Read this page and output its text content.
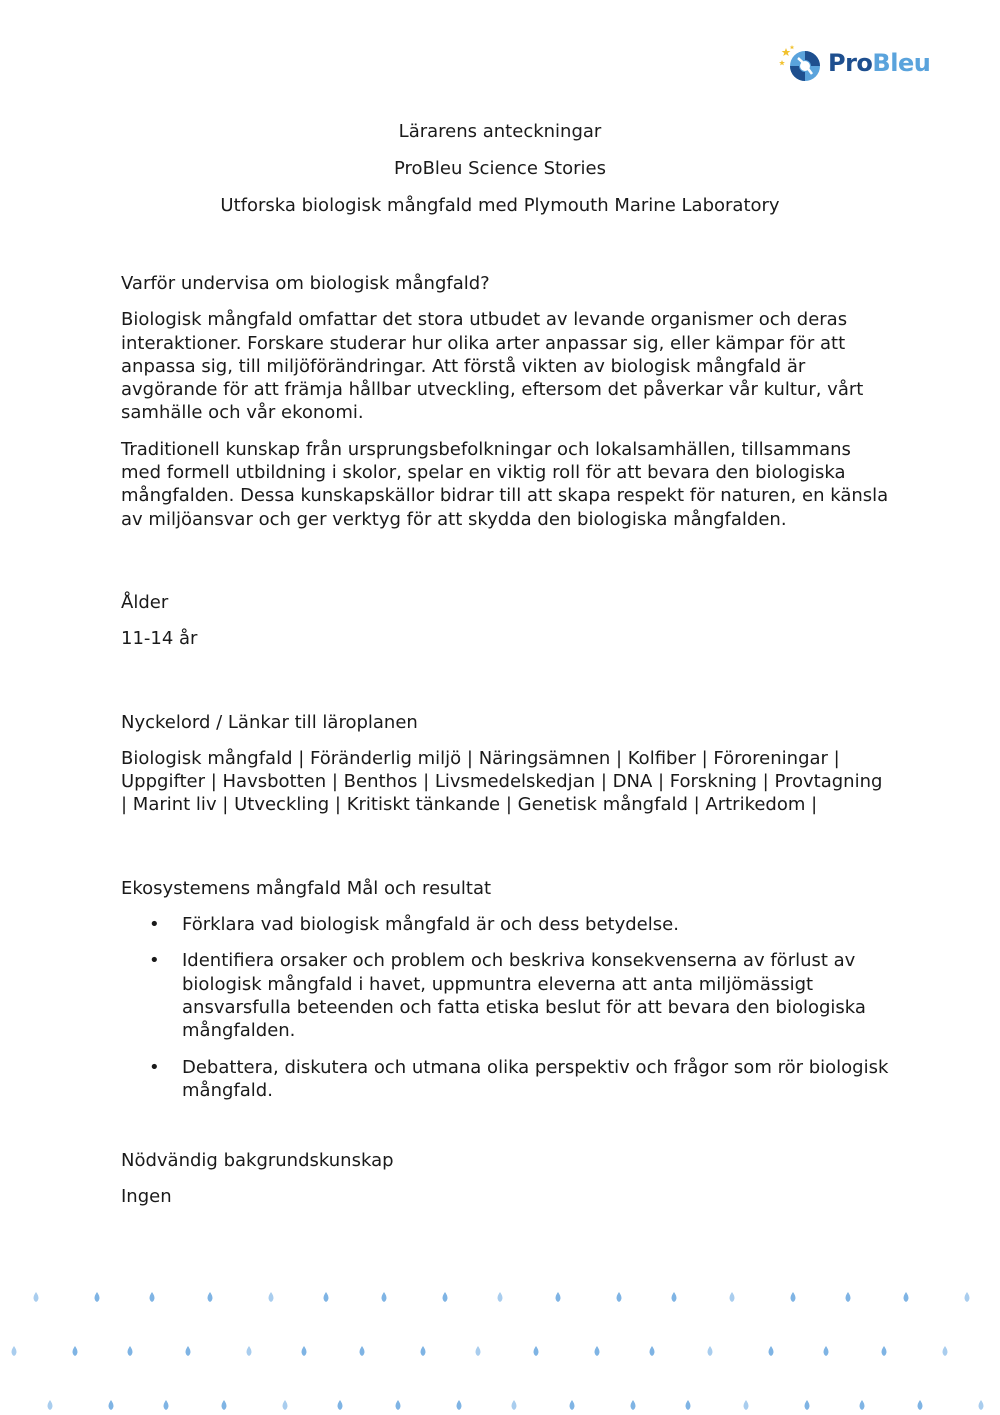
ProBleu
Lärarens anteckningar
ProBleu Science Stories
Utforska biologisk mångfald med Plymouth Marine Laboratory

Varför undervisa om biologisk mångfald?

Biologisk mångfald omfattar det stora utbudet av levande organismer och deras interaktioner. Forskare studerar hur olika arter anpassar sig, eller kämpar för att anpassa sig, till miljöförändringar. Att förstå vikten av biologisk mångfald är avgörande för att främja hållbar utveckling, eftersom det påverkar vår kultur, vårt samhälle och vår ekonomi.

Traditionell kunskap från ursprungsbefolkningar och lokalsamhällen, tillsammans med formell utbildning i skolor, spelar en viktig roll för att bevara den biologiska mångfalden. Dessa kunskapskällor bidrar till att skapa respekt för naturen, en känsla av miljöansvar och ger verktyg för att skydda den biologiska mångfalden.

Ålder

11-14 år

Nyckelord / Länkar till läroplanen

Biologisk mångfald | Föränderlig miljö | Näringsämnen | Kolfiber | Föroreningar | Uppgifter | Havsbotten | Benthos | Livsmedelskedjan | DNA | Forskning | Provtagning | Marint liv | Utveckling | Kritiskt tänkande | Genetisk mångfald | Artrikedom |

Ekosystemens mångfald Mål och resultat

• Förklara vad biologisk mångfald är och dess betydelse.
• Identifiera orsaker och problem och beskriva konsekvenserna av förlust av biologisk mångfald i havet, uppmuntra eleverna att anta miljömässigt ansvarsfulla beteenden och fatta etiska beslut för att bevara den biologiska mångfalden.
• Debattera, diskutera och utmana olika perspektiv och frågor som rör biologisk mångfald.

Nödvändig bakgrundskunskap

Ingen
